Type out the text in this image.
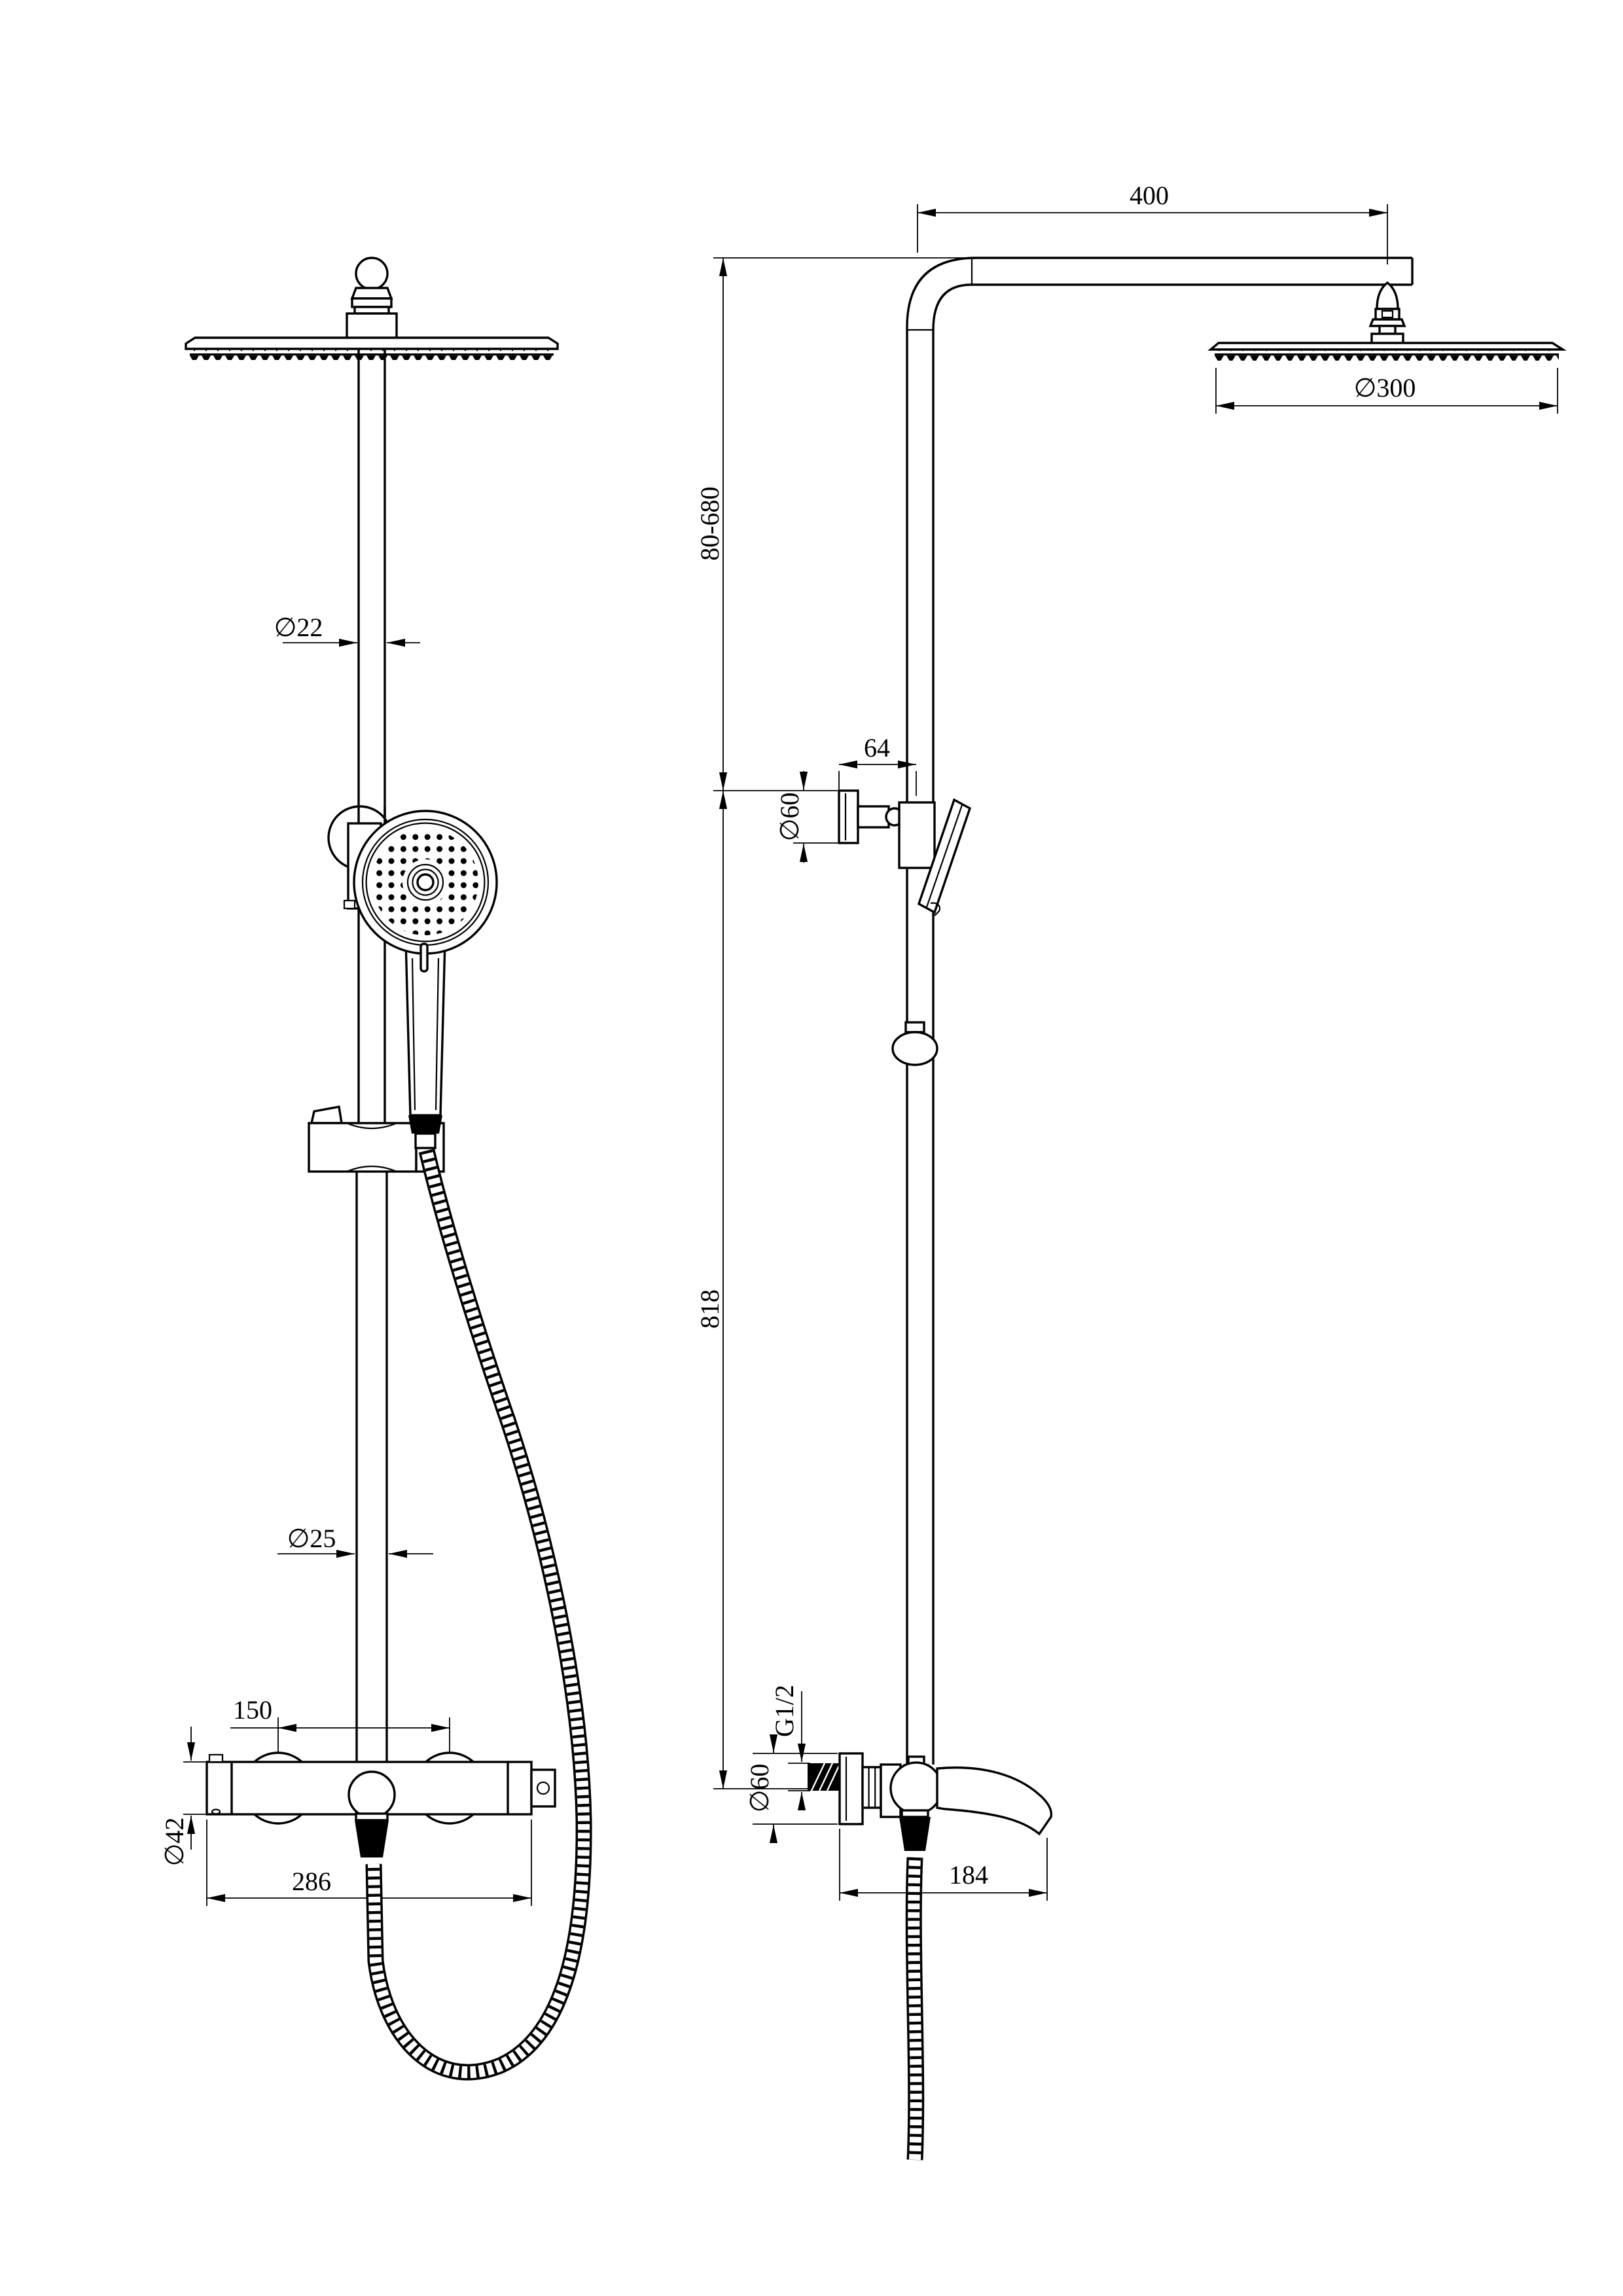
∅22
∅25
150
286
∅42
400
∅300
80-680
818
64
∅60
G1/2
∅60
184
